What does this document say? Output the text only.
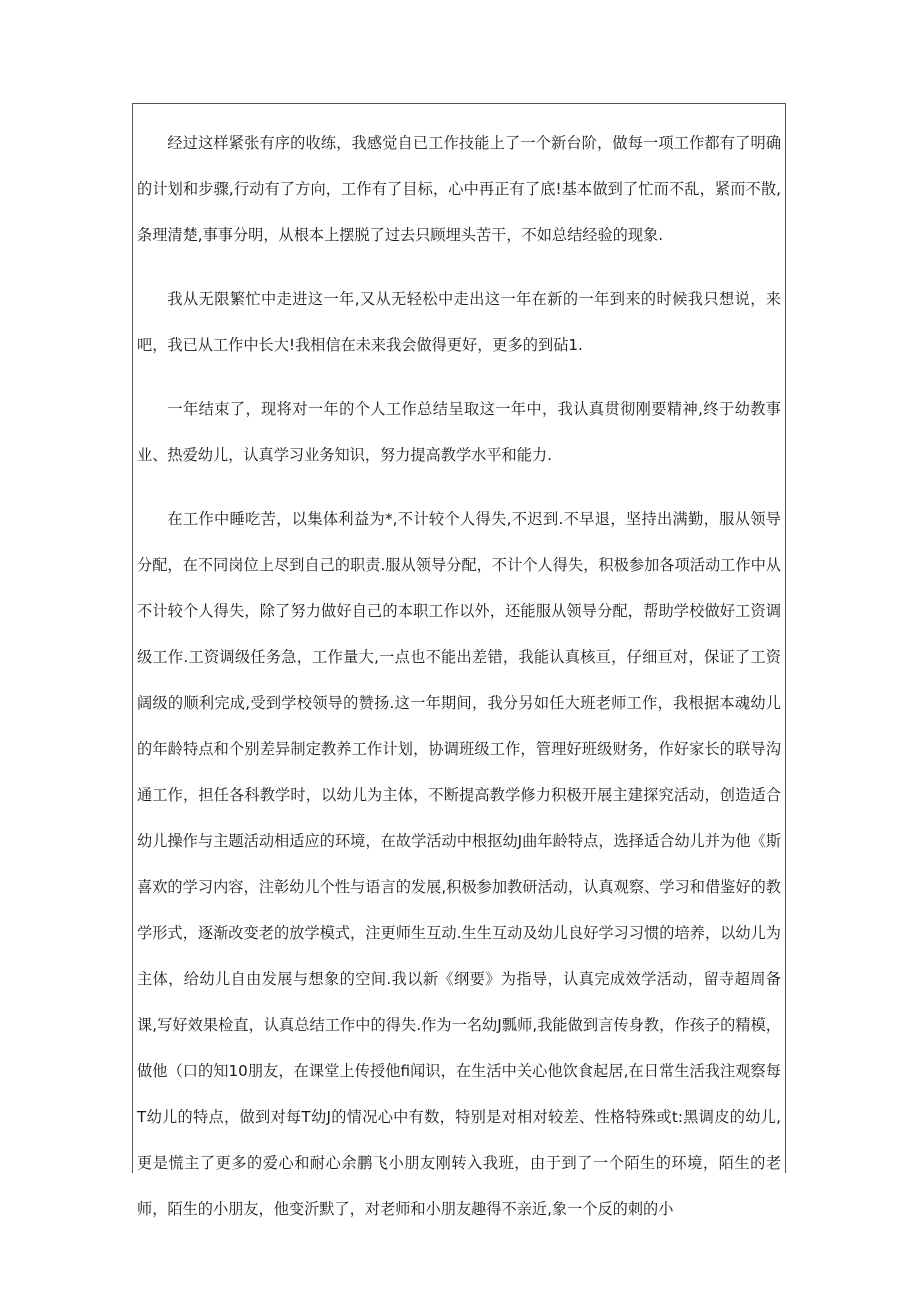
经过这样紧张有序的收练，我感觉自已工作技能上了一个新台阶，做每一项工作都有了明确的计划和步骤,行动有了方向，工作有了目标，心中再正有了底!基本做到了忙而不乱，紧而不散,条理清楚,事事分明，从根本上摆脱了过去只顾埋头苦干，不如总结经验的现象.

我从无限繁忙中走进这一年,又从无轻松中走出这一年在新的一年到来的时候我只想说，来吧，我已从工作中长大!我相信在未来我会做得更好，更多的到砧1.

一年结束了，现将对一年的个人工作总结呈取这一年中，我认真贯彻刚要精神,终于幼教事业、热爱幼儿，认真学习业务知识，努力提高教学水平和能力.

在工作中睡吃苦，以集体利益为*,不计较个人得失,不迟到.不早退，坚持出满勤，服从领导分配，在不同岗位上尽到自己的职责.服从领导分配，不计个人得失，积极参加各项活动工作中从不计较个人得失，除了努力做好自己的本职工作以外，还能服从领导分配，帮助学校做好工资调级工作.工资调级任务急，工作量大,一点也不能出差错，我能认真核亘，仔细亘对，保证了工资阔级的顺利完成,受到学校领导的赞扬.这一年期间，我分另如任大班老师工作，我根据本魂幼儿的年龄特点和个别差异制定教养工作计划，协调班级工作，管理好班级财务，作好家长的联导沟通工作，担任各科教学时，以幼儿为主体，不断提高教学修力积极开展主建探究活动，创造适合幼儿操作与主题活动相适应的环境，在故学活动中根抠幼J曲年龄特点，选择适合幼儿并为他《斯喜欢的学习内容，注彰幼儿个性与语言的发展,积极参加教研活动，认真观察、学习和借鉴好的教学形式，逐渐改变老的放学模式，注更师生互动.生生互动及幼儿良好学习习惯的培养，以幼儿为主体，给幼儿自由发展与想象的空间.我以新《纲要》为指导，认真完成效学活动，留寺超周备课,写好效果检直，认真总结工作中的得失.作为一名幼J瓢师,我能做到言传身教，作孩子的精模，做他（口的知10朋友，在课堂上传授他fi闻识，在生活中关心他饮食起居,在日常生活我注观察每T幼儿的特点，做到对每T幼J的情况心中有数，特别是对相对较差、性格特殊或t:黑调皮的幼儿,更是慌主了更多的爱心和耐心余鹏飞小朋友刚转入我班，由于到了一个陌生的环境，陌生的老师，陌生的小朋友，他变沂默了，对老师和小朋友趣得不亲近,象一个反的刺的小
